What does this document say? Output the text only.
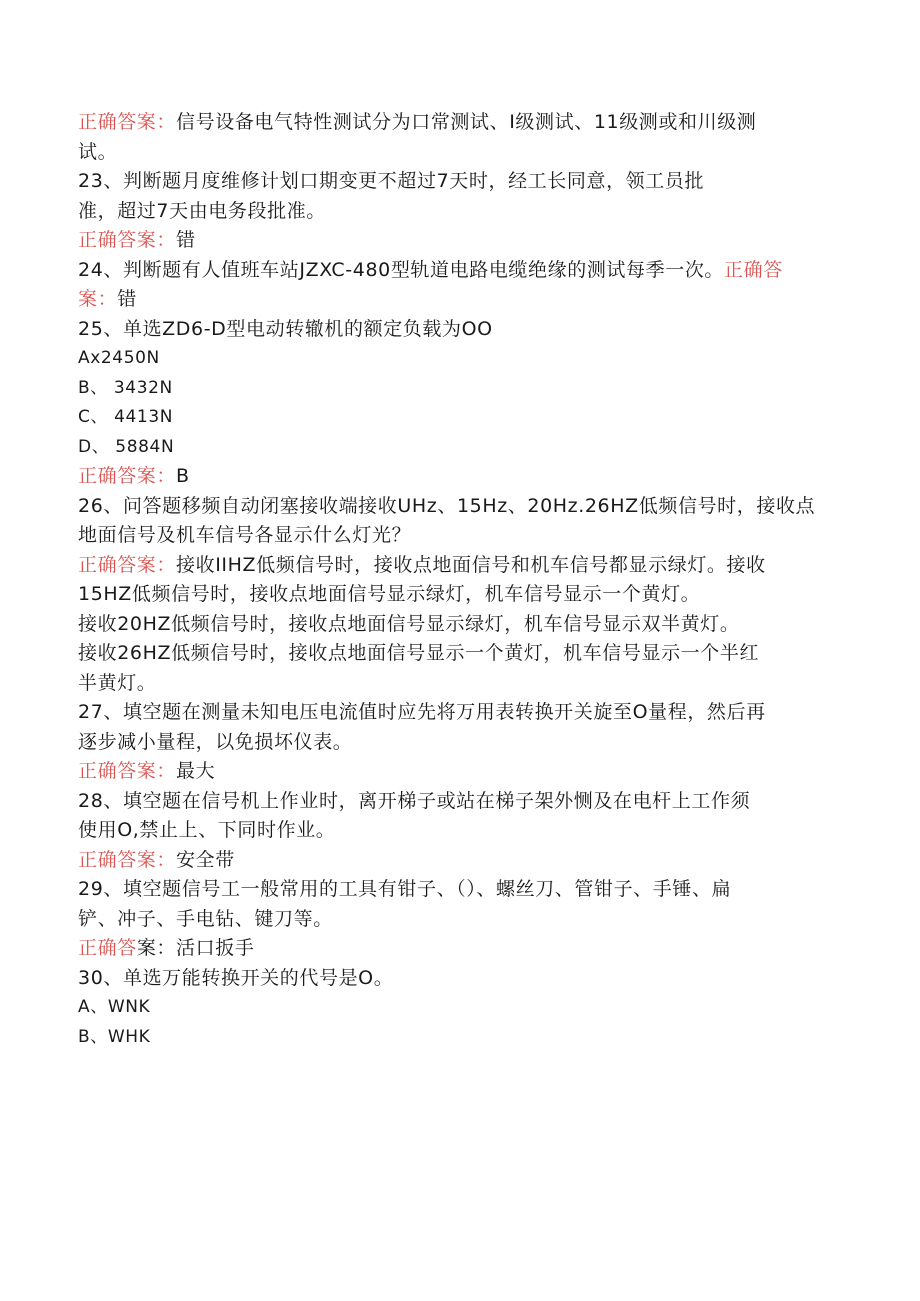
正确答案：信号设备电气特性测试分为口常测试、I级测试、11级测或和川级测
试。
23、判断题月度维修计划口期变更不超过7天时，经工长同意，领工员批
准，超过7天由电务段批准。
正确答案：错
24、判断题有人值班车站JZXC-480型轨道电路电缆绝缘的测试每季一次。正确答
案：错
25、单选ZD6-D型电动转辙机的额定负载为OO
Ax2450N
B、 3432N
C、 4413N
D、 5884N
正确答案：B
26、问答题移频自动闭塞接收端接收UHz、15Hz、20Hz.26HZ低频信号时，接收点
地面信号及机车信号各显示什么灯光？
正确答案：接收IIHZ低频信号时，接收点地面信号和机车信号都显示绿灯。接收
15HZ低频信号时，接收点地面信号显示绿灯，机车信号显示一个黄灯。
接收20HZ低频信号时，接收点地面信号显示绿灯，机车信号显示双半黄灯。
接收26HZ低频信号时，接收点地面信号显示一个黄灯，机车信号显示一个半红
半黄灯。
27、填空题在测量未知电压电流值时应先将万用表转换开关旋至O量程，然后再
逐步减小量程，以免损坏仪表。
正确答案：最大
28、填空题在信号机上作业时，离开梯子或站在梯子架外恻及在电杆上工作须
使用O,禁止上、下同时作业。
正确答案：安全带
29、填空题信号工一般常用的工具有钳子、（）、螺丝刀、管钳子、手锤、扁
铲、冲子、手电钻、键刀等。
正确答案：活口扳手
30、单选万能转换开关的代号是O。
A、WNK
B、WHK
